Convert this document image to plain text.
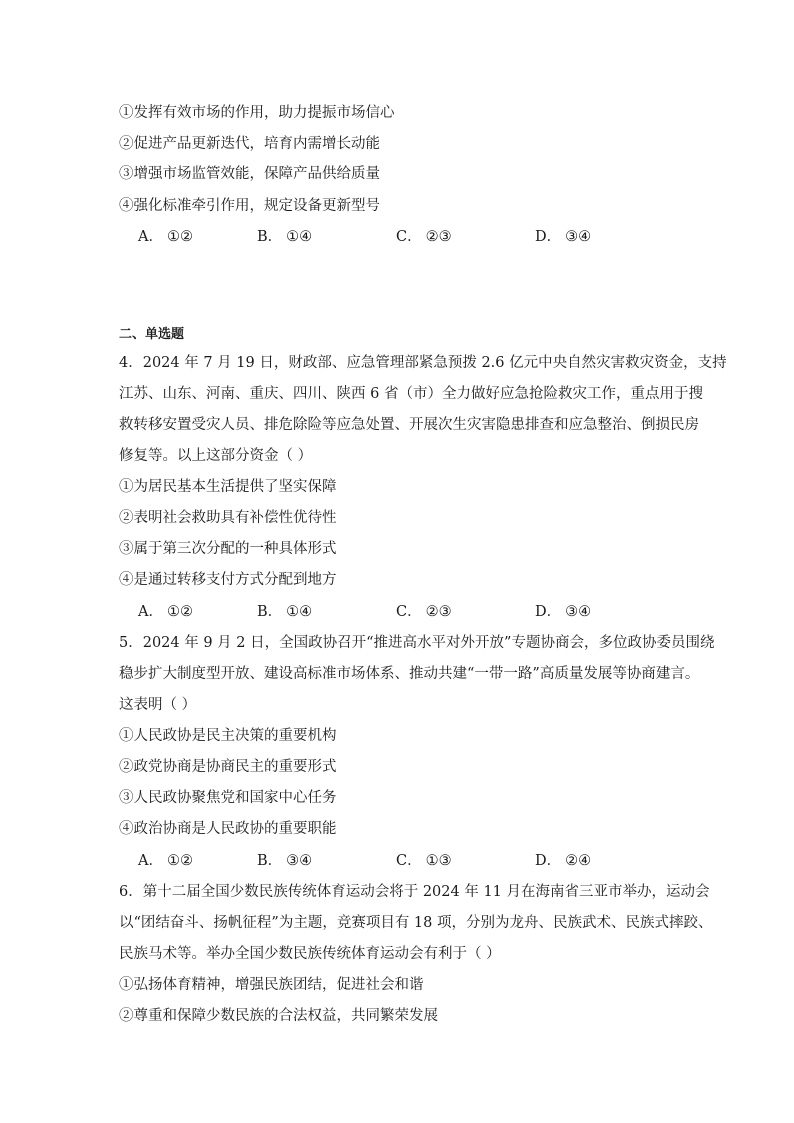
①发挥有效市场的作用，助力提振市场信心
②促进产品更新迭代，培育内需增长动能
③增强市场监管效能，保障产品供给质量
④强化标准牵引作用，规定设备更新型号
A． ①②	B． ①④	C． ②③	D． ③④
二、单选题
4．2024 年 7 月 19 日，财政部、应急管理部紧急预拨 2.6 亿元中央自然灾害救灾资金，支持
江苏、山东、河南、重庆、四川、陕西 6 省（市）全力做好应急抢险救灾工作，重点用于搜
救转移安置受灾人员、排危除险等应急处置、开展次生灾害隐患排查和应急整治、倒损民房
修复等。以上这部分资金（ ）
①为居民基本生活提供了坚实保障
②表明社会救助具有补偿性优待性
③属于第三次分配的一种具体形式
④是通过转移支付方式分配到地方
A． ①②	B． ①④	C． ②③	D． ③④
5．2024 年 9 月 2 日，全国政协召开“推进高水平对外开放”专题协商会，多位政协委员围绕
稳步扩大制度型开放、建设高标准市场体系、推动共建“一带一路”高质量发展等协商建言。
这表明（ ）
①人民政协是民主决策的重要机构
②政党协商是协商民主的重要形式
③人民政协聚焦党和国家中心任务
④政治协商是人民政协的重要职能
A． ①②	B． ③④	C． ①③	D． ②④
6．第十二届全国少数民族传统体育运动会将于 2024 年 11 月在海南省三亚市举办，运动会
以“团结奋斗、扬帆征程”为主题，竞赛项目有 18 项，分别为龙舟、民族武术、民族式摔跤、
民族马术等。举办全国少数民族传统体育运动会有利于（ ）
①弘扬体育精神，增强民族团结，促进社会和谐
②尊重和保障少数民族的合法权益，共同繁荣发展
